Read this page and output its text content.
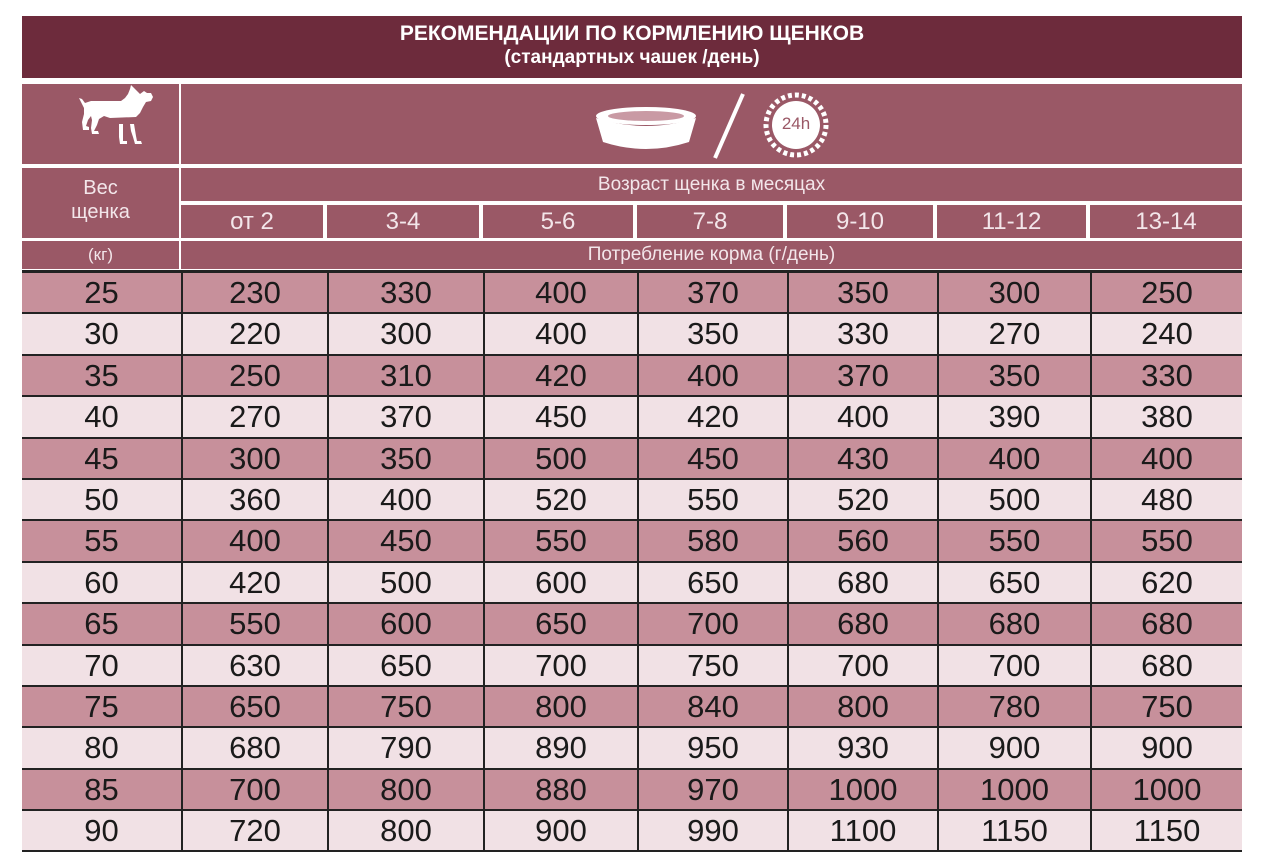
РЕКОМЕНДАЦИИ ПО КОРМЛЕНИЮ ЩЕНКОВ
(стандартных чашек /день)
24h
Вес
щенка
(кг)
Возраст щенка в месяцах
от 2	3-4	5-6	7-8	9-10	11-12	13-14
Потребление корма (г/день)
25	230	330	400	370	350	300	250
30	220	300	400	350	330	270	240
35	250	310	420	400	370	350	330
40	270	370	450	420	400	390	380
45	300	350	500	450	430	400	400
50	360	400	520	550	520	500	480
55	400	450	550	580	560	550	550
60	420	500	600	650	680	650	620
65	550	600	650	700	680	680	680
70	630	650	700	750	700	700	680
75	650	750	800	840	800	780	750
80	680	790	890	950	930	900	900
85	700	800	880	970	1000	1000	1000
90	720	800	900	990	1100	1150	1150
